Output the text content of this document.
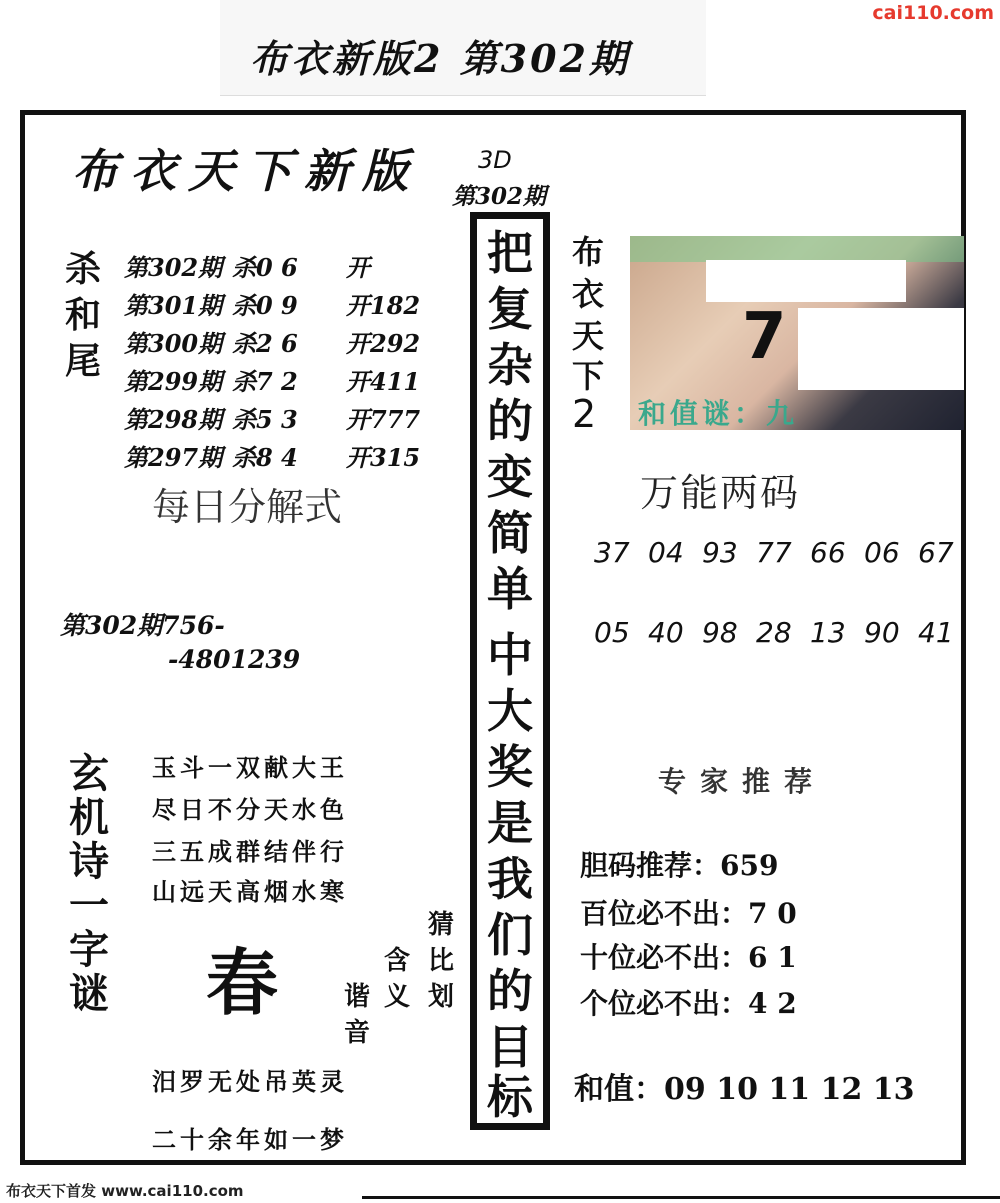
布衣新版2 第302期
cai110.com
布衣天下新版 3D
第302期
杀
和
尾
第302期 杀0 6 开
第301期 杀0 9 开182
第300期 杀2 6 开292
第299期 杀7 2 开411
第298期 杀5 3 开777
第297期 杀8 4 开315
每日分解式
第302期756-
-4801239
玄
机
诗
一
字
谜
玉斗一双献大王
尽日不分天水色
三五成群结伴行
山远天高烟水寒
春
猜
比
划
含
义
谐
音
汨罗无处吊英灵
二十余年如一梦
把
复
杂
的
变
简
单
中
大
奖
是
我
们
的
目
标
布
衣
天
下
2
7
和值谜：九
万能两码
37 04 93 77 66 06 67
05 40 98 28 13 90 41
专家推荐
胆码推荐：659
百位必不出：7 0
十位必不出：6 1
个位必不出：4 2
和值：09 10 11 12 13
布衣天下首发 www.cai110.com
